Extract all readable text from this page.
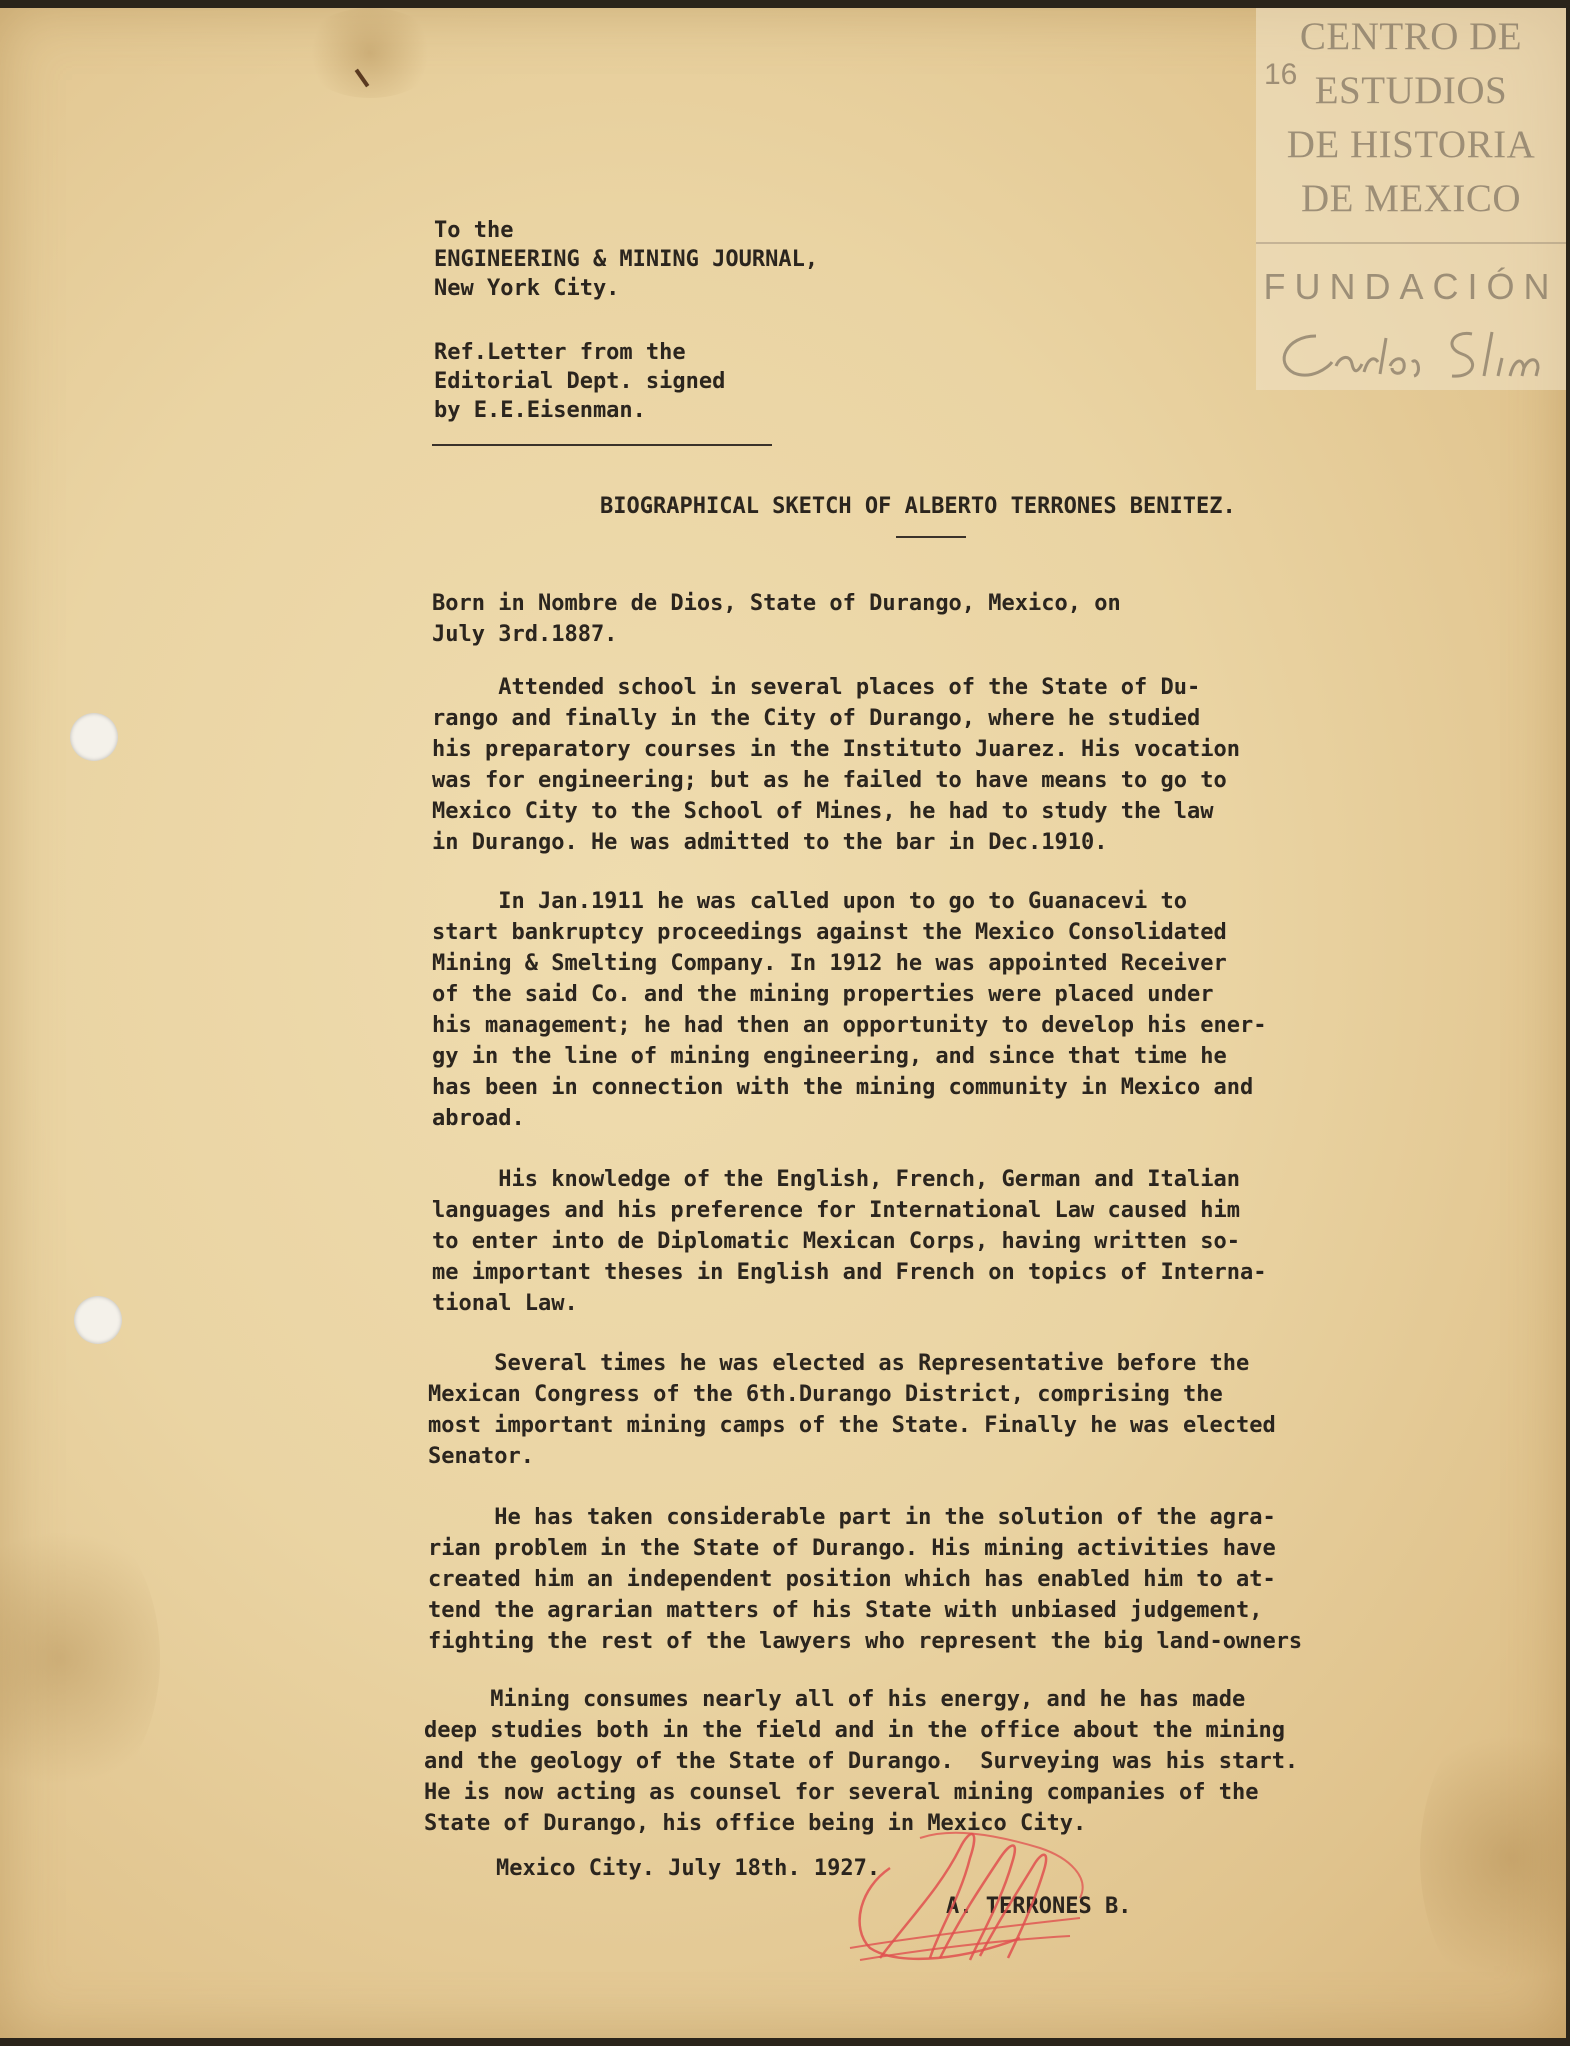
CENTRO DE
ESTUDIOS
DE HISTORIA
DE MEXICO
FUNDACIÓN
16
To the
ENGINEERING & MINING JOURNAL,
New York City.
Ref.Letter from the
Editorial Dept. signed
by E.E.Eisenman.
BIOGRAPHICAL SKETCH OF ALBERTO TERRONES BENITEZ.
Born in Nombre de Dios, State of Durango, Mexico, on
July 3rd.1887.
Attended school in several places of the State of Du-
rango and finally in the City of Durango, where he studied
his preparatory courses in the Instituto Juarez. His vocation
was for engineering; but as he failed to have means to go to
Mexico City to the School of Mines, he had to study the law
in Durango. He was admitted to the bar in Dec.1910.
In Jan.1911 he was called upon to go to Guanacevi to
start bankruptcy proceedings against the Mexico Consolidated
Mining & Smelting Company. In 1912 he was appointed Receiver
of the said Co. and the mining properties were placed under
his management; he had then an opportunity to develop his ener-
gy in the line of mining engineering, and since that time he
has been in connection with the mining community in Mexico and
abroad.
His knowledge of the English, French, German and Italian
languages and his preference for International Law caused him
to enter into de Diplomatic Mexican Corps, having written so-
me important theses in English and French on topics of Interna-
tional Law.
Several times he was elected as Representative before the
Mexican Congress of the 6th.Durango District, comprising the
most important mining camps of the State. Finally he was elected
Senator.
He has taken considerable part in the solution of the agra-
rian problem in the State of Durango. His mining activities have
created him an independent position which has enabled him to at-
tend the agrarian matters of his State with unbiased judgement,
fighting the rest of the lawyers who represent the big land-owners
Mining consumes nearly all of his energy, and he has made
deep studies both in the field and in the office about the mining
and the geology of the State of Durango.  Surveying was his start.
He is now acting as counsel for several mining companies of the
State of Durango, his office being in Mexico City.
Mexico City. July 18th. 1927.
A. TERRONES B.
